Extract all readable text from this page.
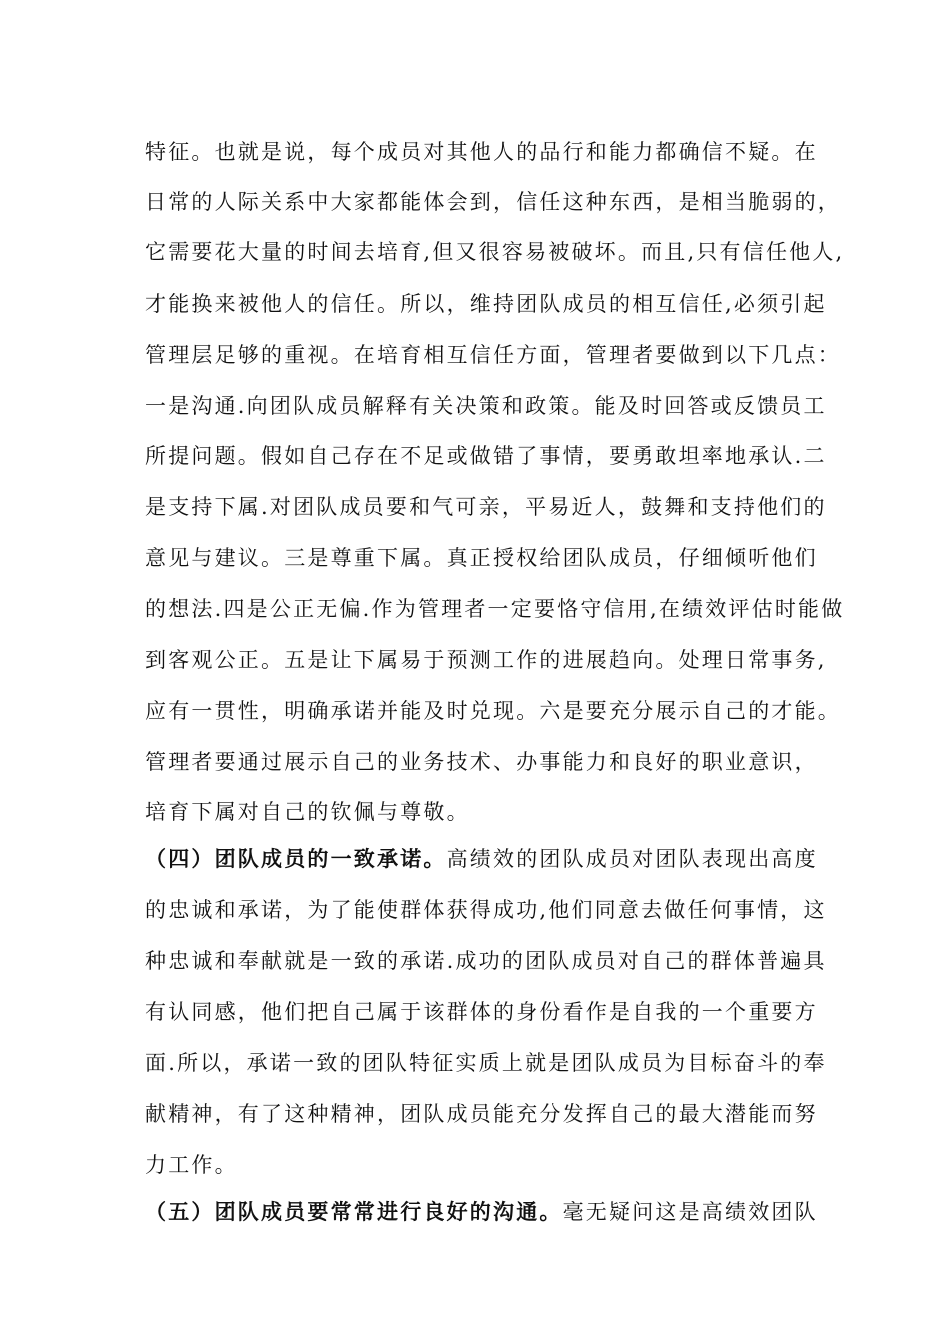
特征。也就是说，每个成员对其他人的品行和能力都确信不疑。在
日常的人际关系中大家都能体会到，信任这种东西，是相当脆弱的，
它需要花大量的时间去培育,但又很容易被破坏。而且,只有信任他人,
才能换来被他人的信任。所以，维持团队成员的相互信任,必须引起
管理层足够的重视。在培育相互信任方面，管理者要做到以下几点：
一是沟通.向团队成员解释有关决策和政策。能及时回答或反馈员工
所提问题。假如自己存在不足或做错了事情，要勇敢坦率地承认.二
是支持下属.对团队成员要和气可亲，平易近人，鼓舞和支持他们的
意见与建议。三是尊重下属。真正授权给团队成员，仔细倾听他们
的想法.四是公正无偏.作为管理者一定要恪守信用,在绩效评估时能做
到客观公正。五是让下属易于预测工作的进展趋向。处理日常事务,
应有一贯性，明确承诺并能及时兑现。六是要充分展示自己的才能。
管理者要通过展示自己的业务技术、办事能力和良好的职业意识，
培育下属对自己的钦佩与尊敬。
（四）团队成员的一致承诺。高绩效的团队成员对团队表现出高度
的忠诚和承诺，为了能使群体获得成功,他们同意去做任何事情，这
种忠诚和奉献就是一致的承诺.成功的团队成员对自己的群体普遍具
有认同感，他们把自己属于该群体的身份看作是自我的一个重要方
面.所以，承诺一致的团队特征实质上就是团队成员为目标奋斗的奉
献精神，有了这种精神，团队成员能充分发挥自己的最大潜能而努
力工作。
（五）团队成员要常常进行良好的沟通。毫无疑问这是高绩效团队
